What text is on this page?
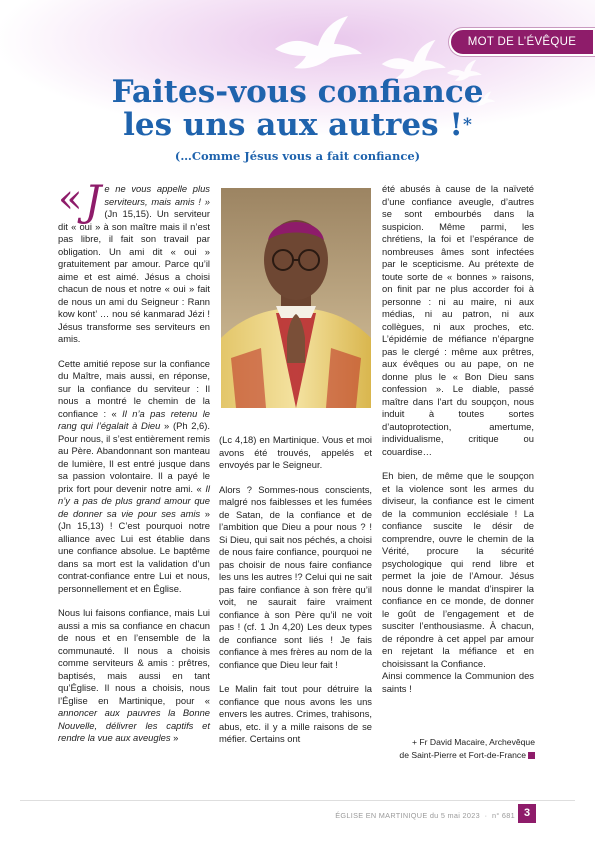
MOT DE L’ÉVÊQUE
Faites-vous confiance
les uns aux autres !*

(…Comme Jésus vous a fait confiance)

« J e ne vous appelle plus serviteurs, mais amis ! » (Jn 15,15). Un serviteur dit « oui » à son maître mais il n’est pas libre, il fait son travail par obligation. Un ami dit « oui » gratuitement par amour. Parce qu’il aime et est aimé. Jésus a choisi chacun de nous et notre « oui » fait de nous un ami du Seigneur : Rann kow kont’ … nou sé kanmarad Jézi ! Jésus transforme ses serviteurs en amis.

Cette amitié repose sur la confiance du Maître, mais aussi, en réponse, sur la confiance du serviteur : Il nous a montré le chemin de la confiance : « Il n’a pas retenu le rang qui l’égalait à Dieu » (Ph 2,6). Pour nous, il s’est entièrement remis au Père. Abandonnant son manteau de lumière, Il est entré jusque dans sa passion volontaire. Il a payé le prix fort pour devenir notre ami. « Il n’y a pas de plus grand amour que de donner sa vie pour ses amis » (Jn 15,13) ! C’est pourquoi notre alliance avec Lui est établie dans une confiance absolue. Le baptême dans sa mort est la validation d’un contrat-confiance entre Lui et nous, personnellement et en Église.

Nous lui faisons confiance, mais Lui aussi a mis sa confiance en chacun de nous et en l’ensemble de la communauté. Il nous a choisis comme serviteurs & amis : prêtres, baptisés, mais aussi en tant qu’Église. Il nous a choisis, nous l’Église en Martinique, pour « annoncer aux pauvres la Bonne Nouvelle, délivrer les captifs et rendre la vue aux aveugles »

(Lc 4,18) en Martinique. Vous et moi avons été trouvés, appelés et envoyés par le Seigneur.

Alors ? Sommes-nous conscients, malgré nos faiblesses et les fumées de Satan, de la confiance et de l’ambition que Dieu a pour nous ? ! Si Dieu, qui sait nos péchés, a choisi de nous faire confiance, pourquoi ne pas choisir de nous faire confiance les uns les autres !? Celui qui ne sait pas faire confiance à son frère qu’il voit, ne saurait faire vraiment confiance à son Père qu’il ne voit pas ! (cf. 1 Jn 4,20) Les deux types de confiance sont liés ! Je fais confiance à mes frères au nom de la confiance que Dieu leur fait !

Le Malin fait tout pour détruire la confiance que nous avons les uns envers les autres. Crimes, trahisons, abus, etc. il y a mille raisons de se méfier. Certains ont

été abusés à cause de la naïveté d’une confiance aveugle, d’autres se sont embourbés dans la suspicion. Même parmi, les chrétiens, la foi et l’espérance de nombreuses âmes sont infectées par le scepticisme. Au prétexte de toute sorte de « bonnes » raisons, on finit par ne plus accorder foi à personne : ni au maire, ni aux médias, ni au patron, ni aux collègues, ni aux proches, etc. L’épidémie de méfiance n’épargne pas le clergé : même aux prêtres, aux évêques ou au pape, on ne donne plus le « Bon Dieu sans confession ». Le diable, passé maître dans l’art du soupçon, nous induit à toutes sortes d’autoprotection, amertume, individualisme, critique ou couardise…

Eh bien, de même que le soupçon et la violence sont les armes du diviseur, la confiance est le ciment de la communion ecclésiale ! La confiance suscite le désir de comprendre, ouvre le chemin de la Vérité, procure la sécurité psychologique qui rend libre et permet la joie de l’Amour. Jésus nous donne le mandat d’inspirer la confiance en ce monde, de donner le goût de l’engagement et de susciter l’enthousiasme. À chacun, de répondre à cet appel par amour en rejetant la méfiance et en choisissant la Confiance.

Ainsi commence la Communion des saints !

+ Fr David Macaire, Archevêque
de Saint-Pierre et Fort-de-France
ÉGLISE EN MARTINIQUE du 5 mai 2023  ·  n° 681 3
